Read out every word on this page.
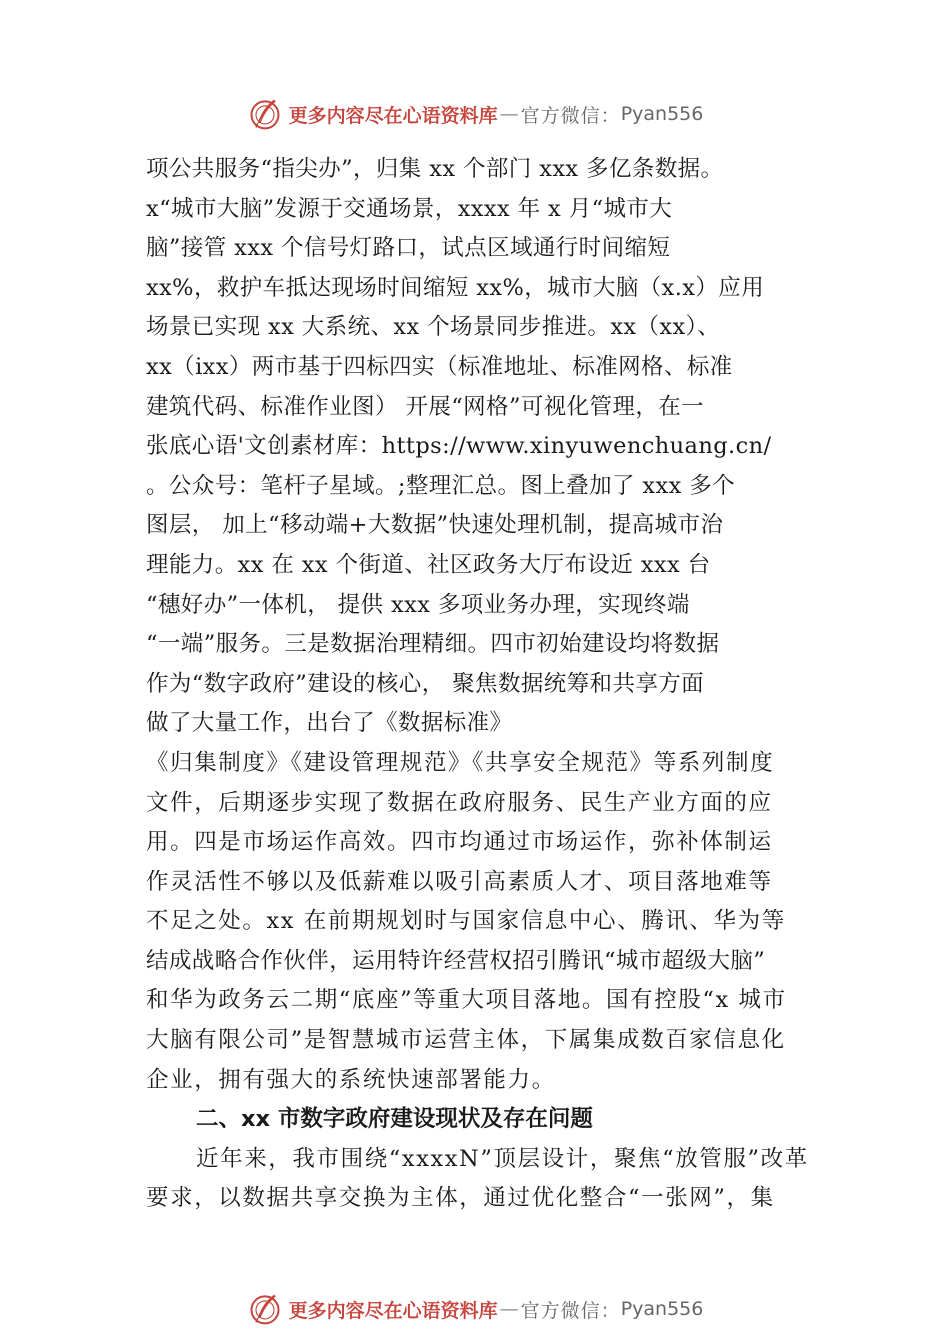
更多内容尽在心语资料库 — 官方微信： Pyan556
项公共服务“指尖办”，归集 xx 个部门 xxx 多亿条数据。
x“城市大脑”发源于交通场景，xxxx 年 x 月“城市大
脑”接管 xxx 个信号灯路口，试点区域通行时间缩短
xx%，救护车抵达现场时间缩短 xx%，城市大脑（x.x）应用
场景已实现 xx 大系统、xx 个场景同步推进。xx（xx）、
xx（ixx）两市基于四标四实（标准地址、标准网格、标准
建筑代码、标准作业图） 开展“网格”可视化管理，在一
张底心语'文创素材库：https://www.xinyuwenchuang.cn/
。公众号：笔杆子星域。;整理汇总。图上叠加了 xxx 多个
图层， 加上“移动端+大数据”快速处理机制，提高城市治
理能力。xx 在 xx 个街道、社区政务大厅布设近 xxx 台
“穗好办”一体机， 提供 xxx 多项业务办理，实现终端
“一端”服务。三是数据治理精细。四市初始建设均将数据
作为“数字政府”建设的核心， 聚焦数据统筹和共享方面
做了大量工作，出台了《数据标准》
《归集制度》《建设管理规范》《共享安全规范》等系列制度
文件，后期逐步实现了数据在政府服务、民生产业方面的应
用。四是市场运作高效。四市均通过市场运作，弥补体制运
作灵活性不够以及低薪难以吸引高素质人才、项目落地难等
不足之处。xx 在前期规划时与国家信息中心、腾讯、华为等
结成战略合作伙伴，运用特许经营权招引腾讯“城市超级大脑”
和华为政务云二期“底座”等重大项目落地。国有控股“x 城市
大脑有限公司”是智慧城市运营主体，下属集成数百家信息化
企业，拥有强大的系统快速部署能力。
二、xx 市数字政府建设现状及存在问题
近年来，我市围绕“xxxxN”顶层设计，聚焦“放管服”改革
要求，以数据共享交换为主体，通过优化整合“一张网”，集
更多内容尽在心语资料库 — 官方微信： Pyan556
